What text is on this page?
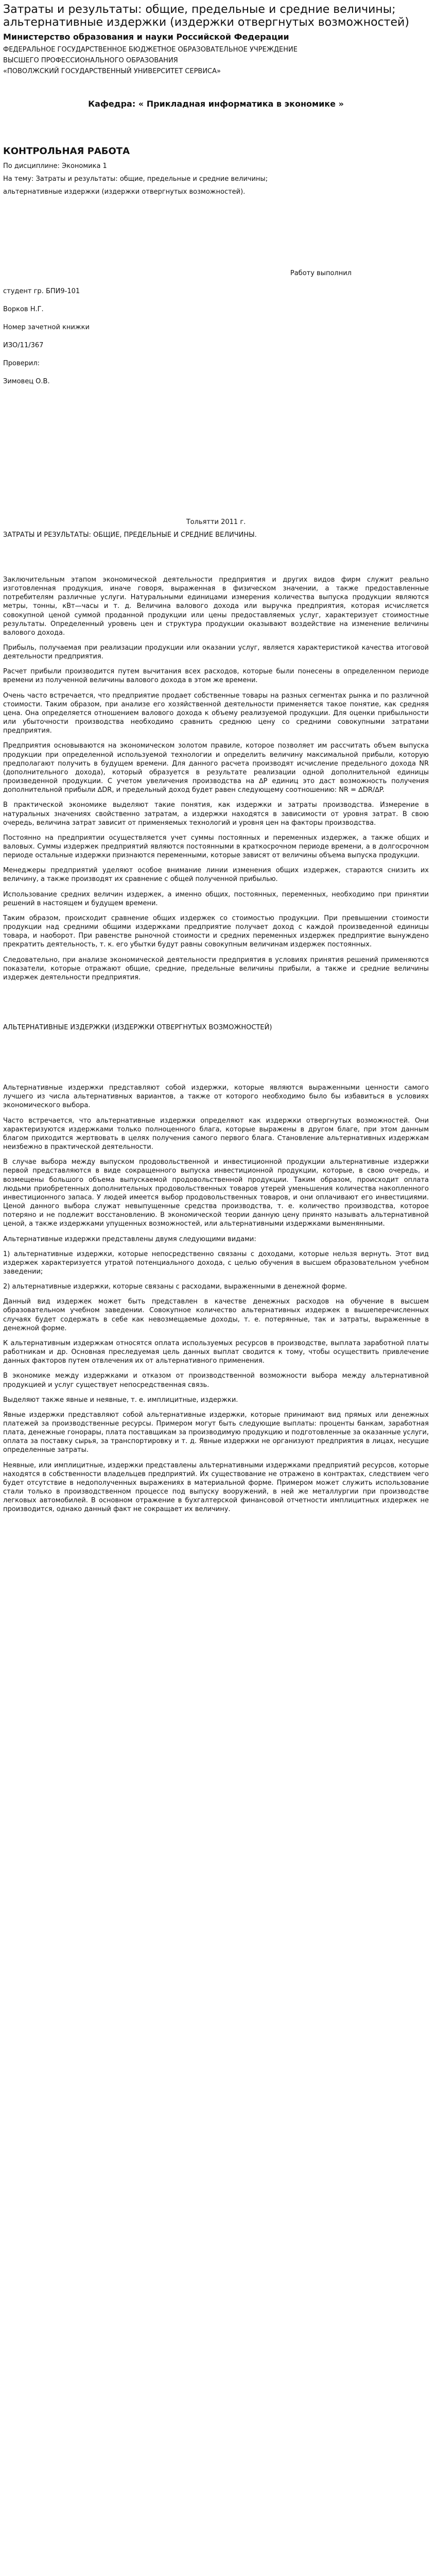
Затраты и результаты: общие, предельные и средние величины; альтернативные издержки (издержки отвергнутых возможностей)
Министерство образования и науки Российской Федерации
ФЕДЕРАЛЬНОЕ ГОСУДАРСТВЕННОЕ БЮДЖЕТНОЕ ОБРАЗОВАТЕЛЬНОЕ УЧРЕЖДЕНИЕ
ВЫСШЕГО ПРОФЕССИОНАЛЬНОГО ОБРАЗОВАНИЯ
«ПОВОЛЖСКИЙ ГОСУДАРСТВЕННЫЙ УНИВЕРСИТЕТ СЕРВИСА»
Кафедра: « Прикладная информатика в экономике »
КОНТРОЛЬНАЯ РАБОТА
По дисциплине: Экономика 1
На тему: Затраты и результаты: общие, предельные и средние величины;
альтернативные издержки (издержки отвергнутых возможностей).
Работу выполнил
студент гр. БПИ9-101
Ворков Н.Г.
Номер зачетной книжки
ИЗО/11/367
Проверил:
Зимовец О.В.
Тольятти 2011 г.
ЗАТРАТЫ И РЕЗУЛЬТАТЫ: ОБЩИЕ, ПРЕДЕЛЬНЫЕ И СРЕДНИЕ ВЕЛИЧИНЫ.

Заключительным этапом экономической деятельности предприятия и других видов фирм служит реально изготовленная продукция, иначе говоря, выраженная в физическом значении, а также предоставленные потребителям различные услуги. Натуральными единицами измерения количества выпуска продукции являются метры, тонны, кВт—часы и т. д. Величина валового дохода или выручка предприятия, которая исчисляется совокупной ценой суммой проданной продукции или цены предоставляемых услуг, характеризует стоимостные результаты. Определенный уровень цен и структура продукции оказывают воздействие на изменение величины валового дохода.

Прибыль, получаемая при реализации продукции или оказании услуг, является характеристикой качества итоговой деятельности предприятия.

Расчет прибыли производится путем вычитания всех расходов, которые были понесены в определенном периоде времени из полученной величины валового дохода в этом же времени.

Очень часто встречается, что предприятие продает собственные товары на разных сегментах рынка и по различной стоимости. Таким образом, при анализе его хозяйственной деятельности применяется такое понятие, как средняя цена. Она определяется отношением валового дохода к объему реализуемой продукции. Для оценки прибыльности или убыточности производства необходимо сравнить среднюю цену со средними совокупными затратами предприятия.

Предприятия основываются на экономическом золотом правиле, которое позволяет им рассчитать объем выпуска продукции при определенной используемой технологии и определить величину максимальной прибыли, которую предполагают получить в будущем времени. Для данного расчета производят исчисление предельного дохода NR (дополнительного дохода), который образуется в результате реализации одной дополнительной единицы произведенной продукции. С учетом увеличения производства на ∆P единиц это даст возможность получения дополнительной прибыли ∆DR, и предельный доход будет равен следующему соотношению: NR = ∆DR/∆P.

В практической экономике выделяют такие понятия, как издержки и затраты производства. Измерение в натуральных значениях свойственно затратам, а издержки находятся в зависимости от уровня затрат. В свою очередь, величина затрат зависит от применяемых технологий и уровня цен на факторы производства.

Постоянно на предприятии осуществляется учет суммы постоянных и переменных издержек, а также общих и валовых. Суммы издержек предприятий являются постоянными в краткосрочном периоде времени, а в долгосрочном периоде остальные издержки признаются переменными, которые зависят от величины объема выпуска продукции.

Менеджеры предприятий уделяют особое внимание линии изменения общих издержек, стараются снизить их величину, а также производят их сравнение с общей полученной прибылью.

Использование средних величин издержек, а именно общих, постоянных, переменных, необходимо при принятии решений в настоящем и будущем времени.

Таким образом, происходит сравнение общих издержек со стоимостью продукции. При превышении стоимости продукции над средними общими издержками предприятие получает доход с каждой произведенной единицы товара, и наоборот. При равенстве рыночной стоимости и средних переменных издержек предприятие вынуждено прекратить деятельность, т. к. его убытки будут равны совокупным величинам издержек постоянных.

Следовательно, при анализе экономической деятельности предприятия в условиях принятия решений применяются показатели, которые отражают общие, средние, предельные величины прибыли, а также и средние величины издержек деятельности предприятия.

АЛЬТЕРНАТИВНЫЕ ИЗДЕРЖКИ (ИЗДЕРЖКИ ОТВЕРГНУТЫХ ВОЗМОЖНОСТЕЙ)

Альтернативные издержки представляют собой издержки, которые являются выраженными ценности самого лучшего из числа альтернативных вариантов, а также от которого необходимо было бы избавиться в условиях экономического выбора.

Часто встречается, что альтернативные издержки определяют как издержки отвергнутых возможностей. Они характеризуются издержками только полноценного блага, которые выражены в другом благе, при этом данным благом приходится жертвовать в целях получения самого первого блага. Становление альтернативных издержкам неизбежно в практической деятельности.

В случае выбора между выпуском продовольственной и инвестиционной продукции альтернативные издержки первой представляются в виде сокращенного выпуска инвестиционной продукции, которые, в свою очередь, и возмещены большого объема выпускаемой продовольственной продукции. Таким образом, происходит оплата людьми приобретенных дополнительных продовольственных товаров утерей уменьшения количества накопленного инвестиционного запаса. У людей имеется выбор продовольственных товаров, и они оплачивают его инвестициями. Ценой данного выбора служат невыпущенные средства производства, т. е. количество производства, которое потеряно и не подлежит восстановлению. В экономической теории данную цену принято называть альтернативной ценой, а также издержками упущенных возможностей, или альтернативными издержками выменянными.

Альтернативные издержки представлены двумя следующими видами:

1) альтернативные издержки, которые непосредственно связаны с доходами, которые нельзя вернуть. Этот вид издержек характеризуется утратой потенциального дохода, с целью обучения в высшем образовательном учебном заведении;

2) альтернативные издержки, которые связаны с расходами, выраженными в денежной форме.

Данный вид издержек может быть представлен в качестве денежных расходов на обучение в высшем образовательном учебном заведении. Совокупное количество альтернативных издержек в вышеперечисленных случаях будет содержать в себе как невозмещаемые доходы, т. е. потерянные, так и затраты, выраженные в денежной форме.

К альтернативным издержкам относятся оплата используемых ресурсов в производстве, выплата заработной платы работникам и др. Основная преследуемая цель данных выплат сводится к тому, чтобы осуществить привлечение данных факторов путем отвлечения их от альтернативного применения.

В экономике между издержками и отказом от производственной возможности выбора между альтернативной продукцией и услуг существует непосредственная связь.

Выделяют также явные и неявные, т. е. имплицитные, издержки.

Явные издержки представляют собой альтернативные издержки, которые принимают вид прямых или денежных платежей за производственные ресурсы. Примером могут быть следующие выплаты: проценты банкам, заработная плата, денежные гонорары, плата поставщикам за производимую продукцию и подготовленные за оказанные услуги, оплата за поставку сырья, за транспортировку и т. д. Явные издержки не организуют предприятия в лицах, несущие определенные затраты.

Неявные, или имплицитные, издержки представлены альтернативными издержками предприятий ресурсов, которые находятся в собственности владельцев предприятий. Их существование не отражено в контрактах, следствием чего будет отсутствие в недополученных выражениях в материальной форме. Примером может служить использование стали только в производственном процессе под выпуску вооружений, в ней же металлургии при производстве легковых автомобилей. В основном отражение в бухгалтерской финансовой отчетности имплицитных издержек не производится, однако данный факт не сокращает их величину.
